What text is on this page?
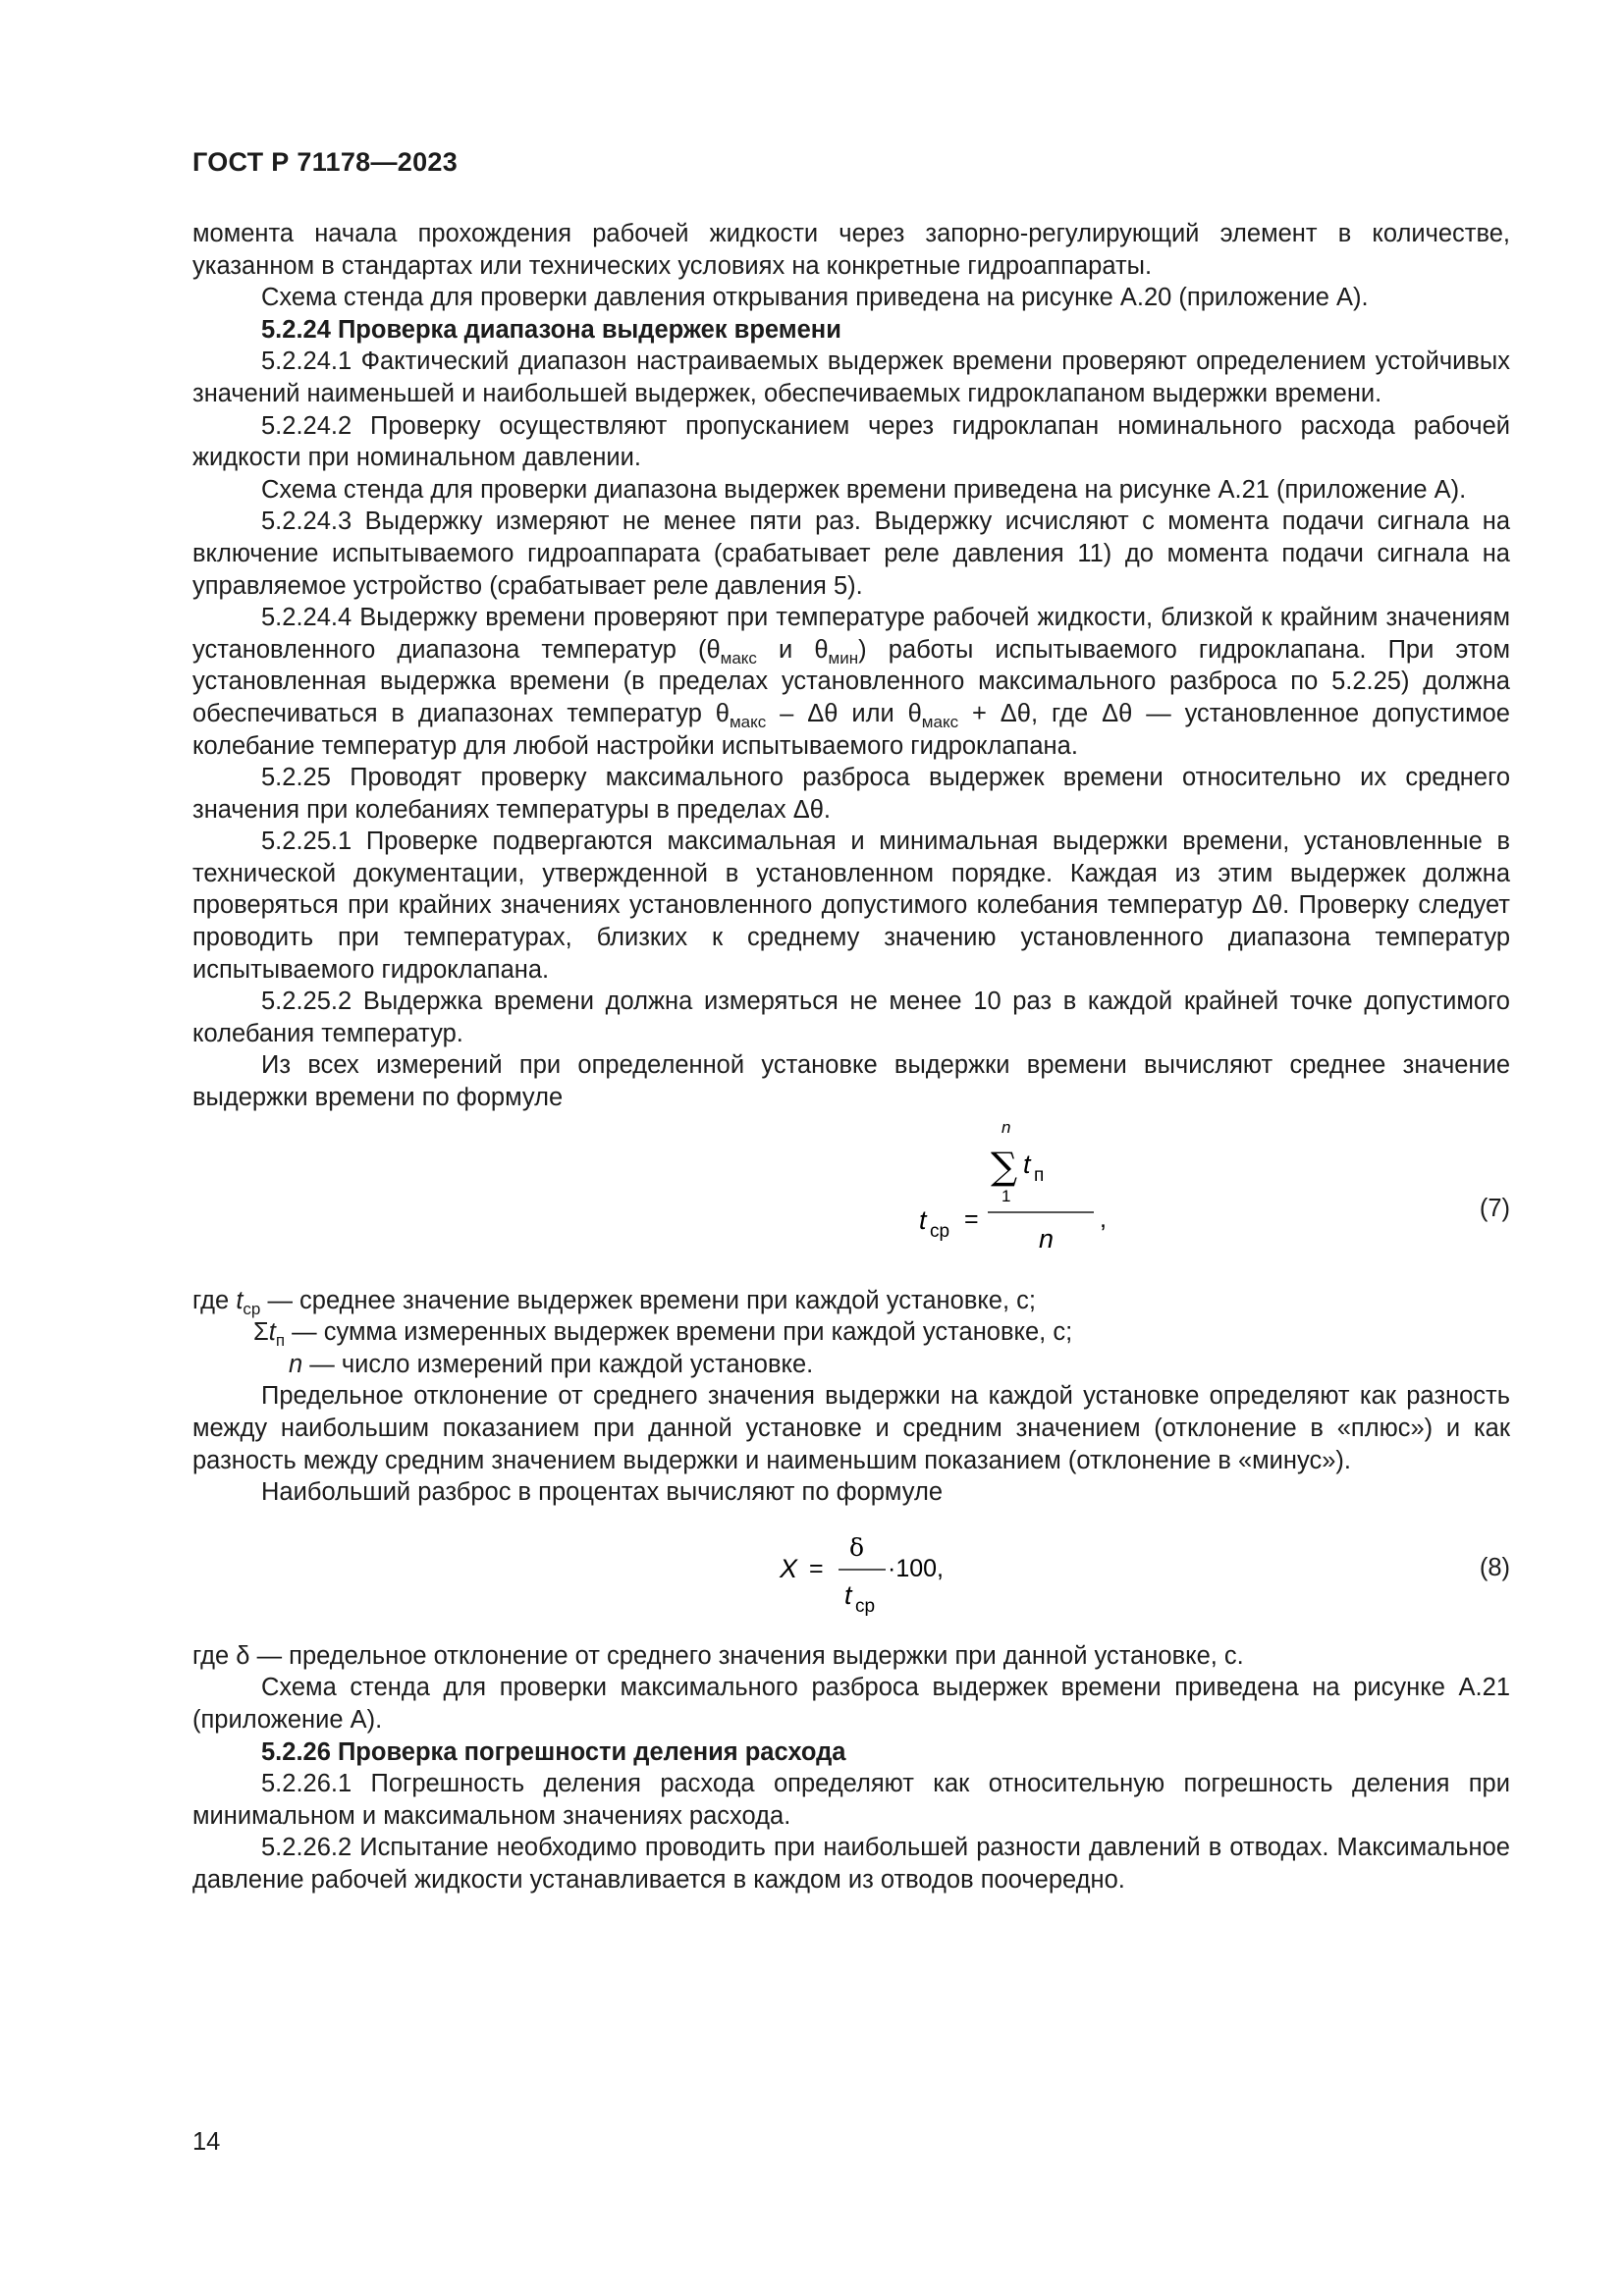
ГОСТ Р 71178—2023

момента начала прохождения рабочей жидкости через запорно-регулирующий элемент в количестве, указанном в стандартах или технических условиях на конкретные гидроаппараты.

Схема стенда для проверки давления открывания приведена на рисунке А.20 (приложение А).

5.2.24 Проверка диапазона выдержек времени

5.2.24.1 Фактический диапазон настраиваемых выдержек времени проверяют определением устойчивых значений наименьшей и наибольшей выдержек, обеспечиваемых гидроклапаном выдержки времени.

5.2.24.2 Проверку осуществляют пропусканием через гидроклапан номинального расхода рабочей жидкости при номинальном давлении.

Схема стенда для проверки диапазона выдержек времени приведена на рисунке А.21 (приложение А).

5.2.24.3 Выдержку измеряют не менее пяти раз. Выдержку исчисляют с момента подачи сигнала на включение испытываемого гидроаппарата (срабатывает реле давления 11) до момента подачи сигнала на управляемое устройство (срабатывает реле давления 5).

5.2.24.4 Выдержку времени проверяют при температуре рабочей жидкости, близкой к крайним значениям установленного диапазона температур ($\theta_{макс}$ и $\theta_{мин}$) работы испытываемого гидроклапана. При этом установленная выдержка времени (в пределах установленного максимального разброса по 5.2.25) должна обеспечиваться в диапазонах температур $\theta_{макс}$ – Δθ или $\theta_{макс} + \Delta\theta$, где Δθ — установленное допустимое колебание температур для любой настройки испытываемого гидроклапана.

5.2.25 Проводят проверку максимального разброса выдержек времени относительно их среднего значения при колебаниях температуры в пределах Δθ.

5.2.25.1 Проверке подвергаются максимальная и минимальная выдержки времени, установленные в технической документации, утвержденной в установленном порядке. Каждая из этим выдержек должна проверяться при крайних значениях установленного допустимого колебания температур Δθ. Проверку следует проводить при температурах, близких к среднему значению установленного диапазона температур испытываемого гидроклапана.

5.2.25.2 Выдержка времени должна измеряться не менее 10 раз в каждой крайней точке допустимого колебания температур.

Из всех измерений при определенной установке выдержки времени вычисляют среднее значение выдержки времени по формуле

t ср =
n
∑
1
t п
,
n
(7)

где $t_{ср}$ — среднее значение выдержек времени при каждой установке, с;

$\Sigma t_п$ — сумма измеренных выдержек времени при каждой установке, с;

n — число измерений при каждой установке.

Предельное отклонение от среднего значения выдержки на каждой установке определяют как разность между наибольшим показанием при данной установке и средним значением (отклонение в «плюс») и как разность между средним значением выдержки и наименьшим показанием (отклонение в «минус»).

Наибольший разброс в процентах вычисляют по формуле

X =
δ
t ср
·100,	(8)

где δ — предельное отклонение от среднего значения выдержки при данной установке, с.

Схема стенда для проверки максимального разброса выдержек времени приведена на рисунке А.21 (приложение А).

5.2.26 Проверка погрешности деления расхода

5.2.26.1 Погрешность деления расхода определяют как относительную погрешность деления при минимальном и максимальном значениях расхода.

5.2.26.2 Испытание необходимо проводить при наибольшей разности давлений в отводах. Максимальное давление рабочей жидкости устанавливается в каждом из отводов поочередно.

14
